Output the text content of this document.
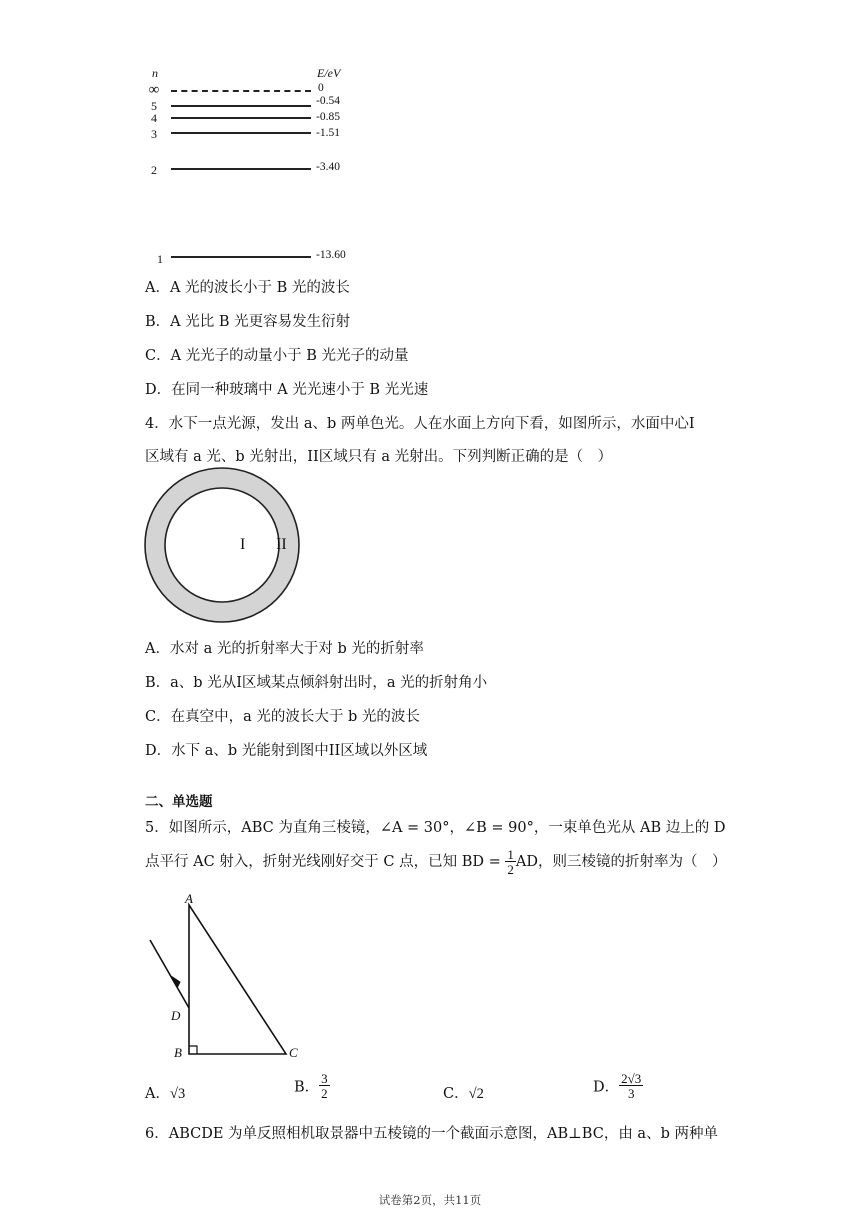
n	E/eV
∞	0
5	-0.54
4	-0.85
3	-1.51
2	-3.40
1	-13.60
A．A 光的波长小于 B 光的波长
B．A 光比 B 光更容易发生衍射
C．A 光光子的动量小于 B 光光子的动量
D．在同一种玻璃中 A 光光速小于 B 光光速
4．水下一点光源，发出 a、b 两单色光。人在水面上方向下看，如图所示，水面中心I
区域有 a 光、b 光射出，II区域只有 a 光射出。下列判断正确的是（　）
I II
A．水对 a 光的折射率大于对 b 光的折射率
B．a、b 光从I区域某点倾斜射出时，a 光的折射角小
C．在真空中，a 光的波长大于 b 光的波长
D．水下 a、b 光能射到图中II区域以外区域
二、单选题
5．如图所示，ABC 为直角三棱镜，∠A = 30°，∠B = 90°，一束单色光从 AB 边上的 D
点平行 AC 射入，折射光线刚好交于 C 点，已知 BD = $\frac{1}{2}$ AD，则三棱镜的折射率为（　）
A
D
B	C
A．√3	B． $\frac{3}{2}$	C．√2	D． $\frac{2√3}{3}$
6．ABCDE 为单反照相机取景器中五棱镜的一个截面示意图，AB⊥BC，由 a、b 两种单
试卷第2页，共11页
